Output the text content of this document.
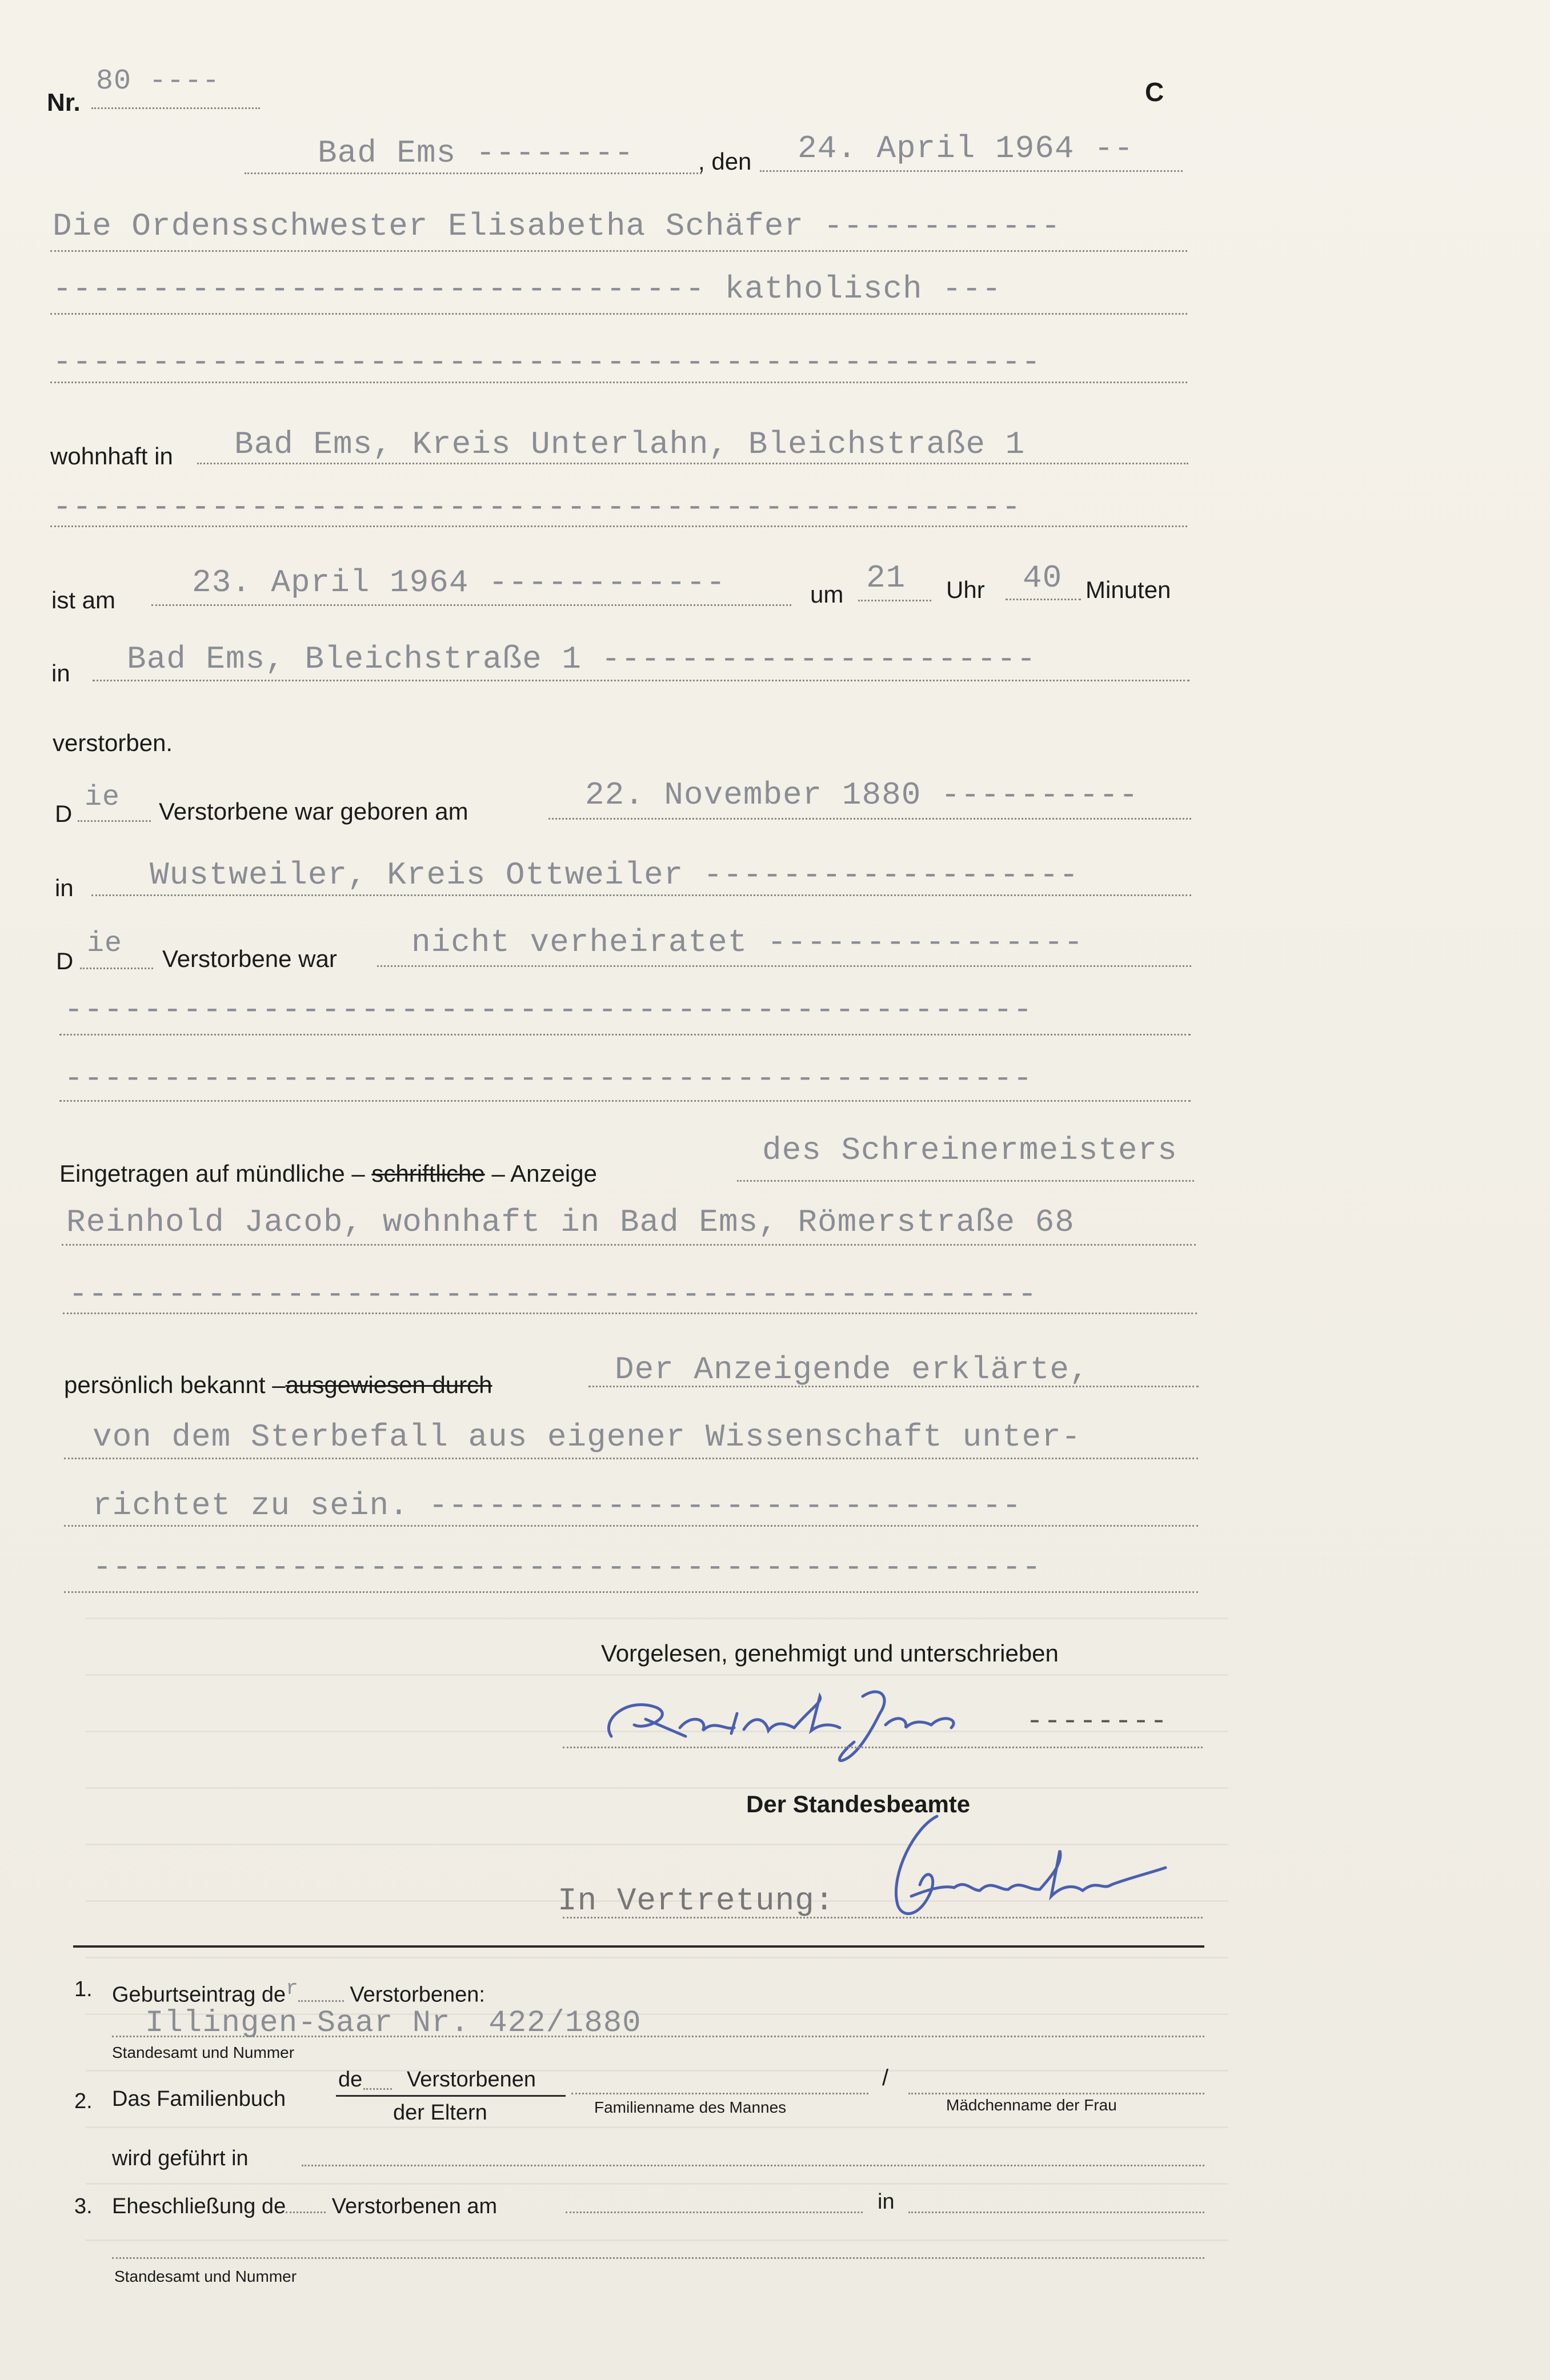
Nr.
80 ----	C
Bad Ems --------	, den 24. April 1964 --
Die Ordensschwester Elisabetha Schäfer ------------
--------------------------------- katholisch ---
--------------------------------------------------
wohnhaft in Bad Ems, Kreis Unterlahn, Bleichstraße 1
-------------------------------------------------
ist am 23. April 1964 ------------	um 21 Uhr 40 Minuten
in Bad Ems, Bleichstraße 1 ----------------------
verstorben.
D ie Verstorbene war geboren am	22. November 1880 ----------
in Wustweiler, Kreis Ottweiler -------------------
D
ie Verstorbene war nicht verheiratet ----------------
-------------------------------------------------
-------------------------------------------------
Eingetragen auf mündliche – schriftliche – Anzeige
des Schreinermeisters
Reinhold Jacob, wohnhaft in Bad Ems, Römerstraße 68
-------------------------------------------------
persönlich bekannt –ausgewiesen durch	Der Anzeigende erklärte,
von dem Sterbefall aus eigener Wissenschaft unter-
richtet zu sein. ------------------------------
------------------------------------------------
Vorgelesen, genehmigt und unterschrieben
Reinhold Jacob
--------
Der Standesbeamte
In Vertretung:
1. Geburtseintrag $de^r$ Verstorbenen:
Illingen-Saar Nr. 422/1880
Standesamt und Nummer
2. Das Familienbuch
de Verstorbenen
der Eltern	Familienname des Mannes
/
Mädchenname der Frau
wird geführt in
3. Eheschließung de Verstorbenen am	in
Standesamt und Nummer
